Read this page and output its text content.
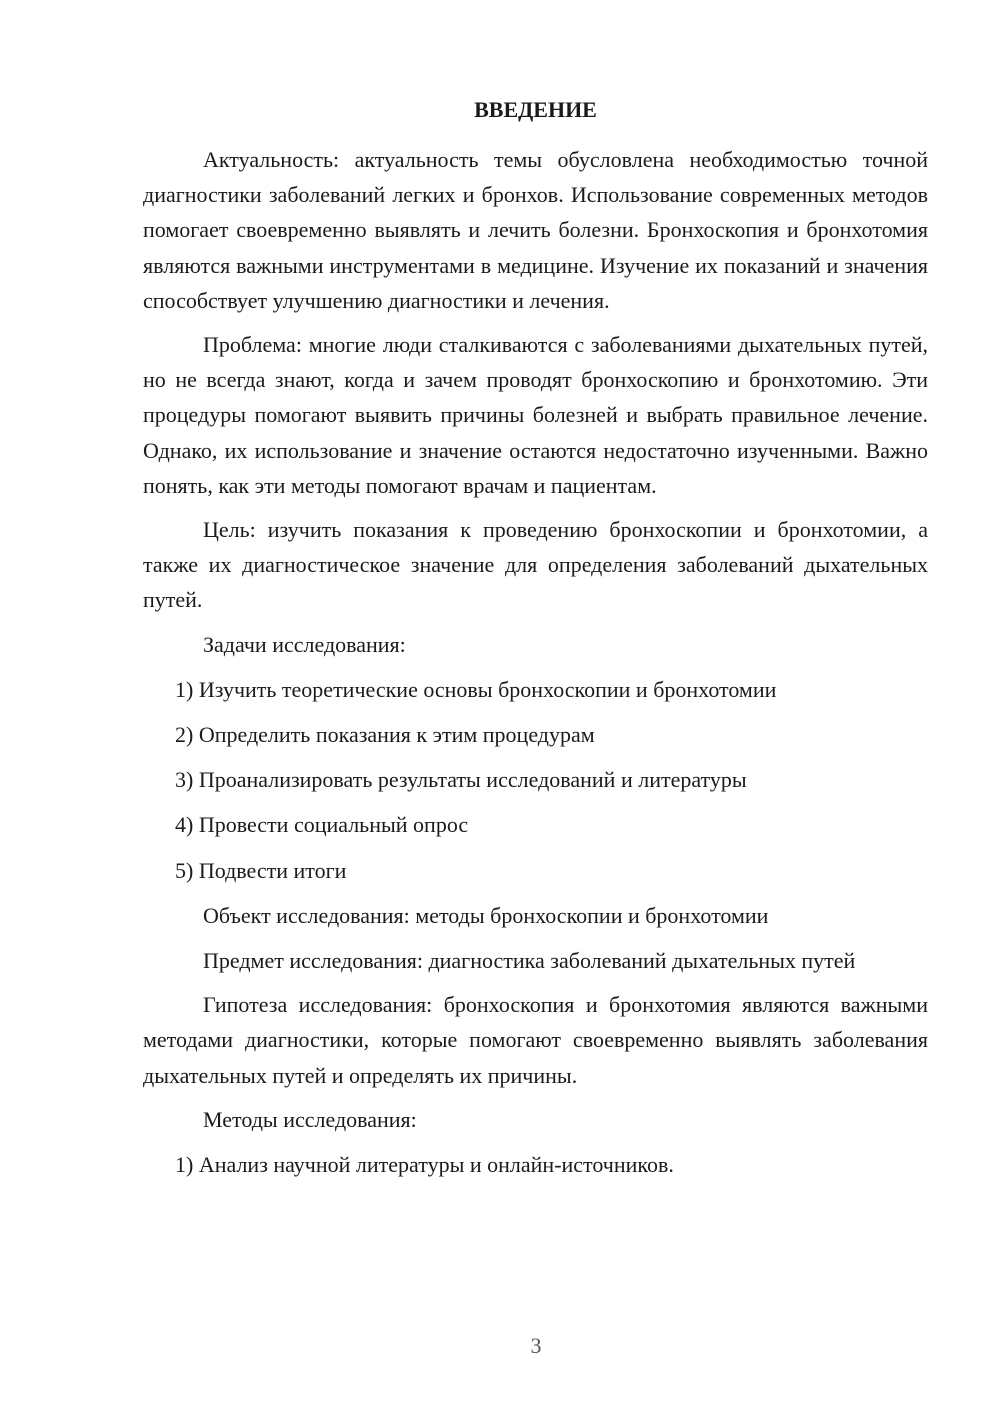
ВВЕДЕНИЕ

Актуальность: актуальность темы обусловлена необходимостью точной диагностики заболеваний легких и бронхов. Использование современных методов помогает своевременно выявлять и лечить болезни. Бронхоскопия и бронхотомия являются важными инструментами в медицине. Изучение их показаний и значения способствует улучшению диагностики и лечения.

Проблема: многие люди сталкиваются с заболеваниями дыхательных путей, но не всегда знают, когда и зачем проводят бронхоскопию и бронхотомию. Эти процедуры помогают выявить причины болезней и выбрать правильное лечение. Однако, их использование и значение остаются недостаточно изученными. Важно понять, как эти методы помогают врачам и пациентам.

Цель: изучить показания к проведению бронхоскопии и бронхотомии, а также их диагностическое значение для определения заболеваний дыхательных путей.

Задачи исследования:

1) Изучить теоретические основы бронхоскопии и бронхотомии
2) Определить показания к этим процедурам
3) Проанализировать результаты исследований и литературы
4) Провести социальный опрос
5) Подвести итоги

Объект исследования: методы бронхоскопии и бронхотомии

Предмет исследования: диагностика заболеваний дыхательных путей

Гипотеза исследования: бронхоскопия и бронхотомия являются важными методами диагностики, которые помогают своевременно выявлять заболевания дыхательных путей и определять их причины.

Методы исследования:

1) Анализ научной литературы и онлайн-источников.
3
